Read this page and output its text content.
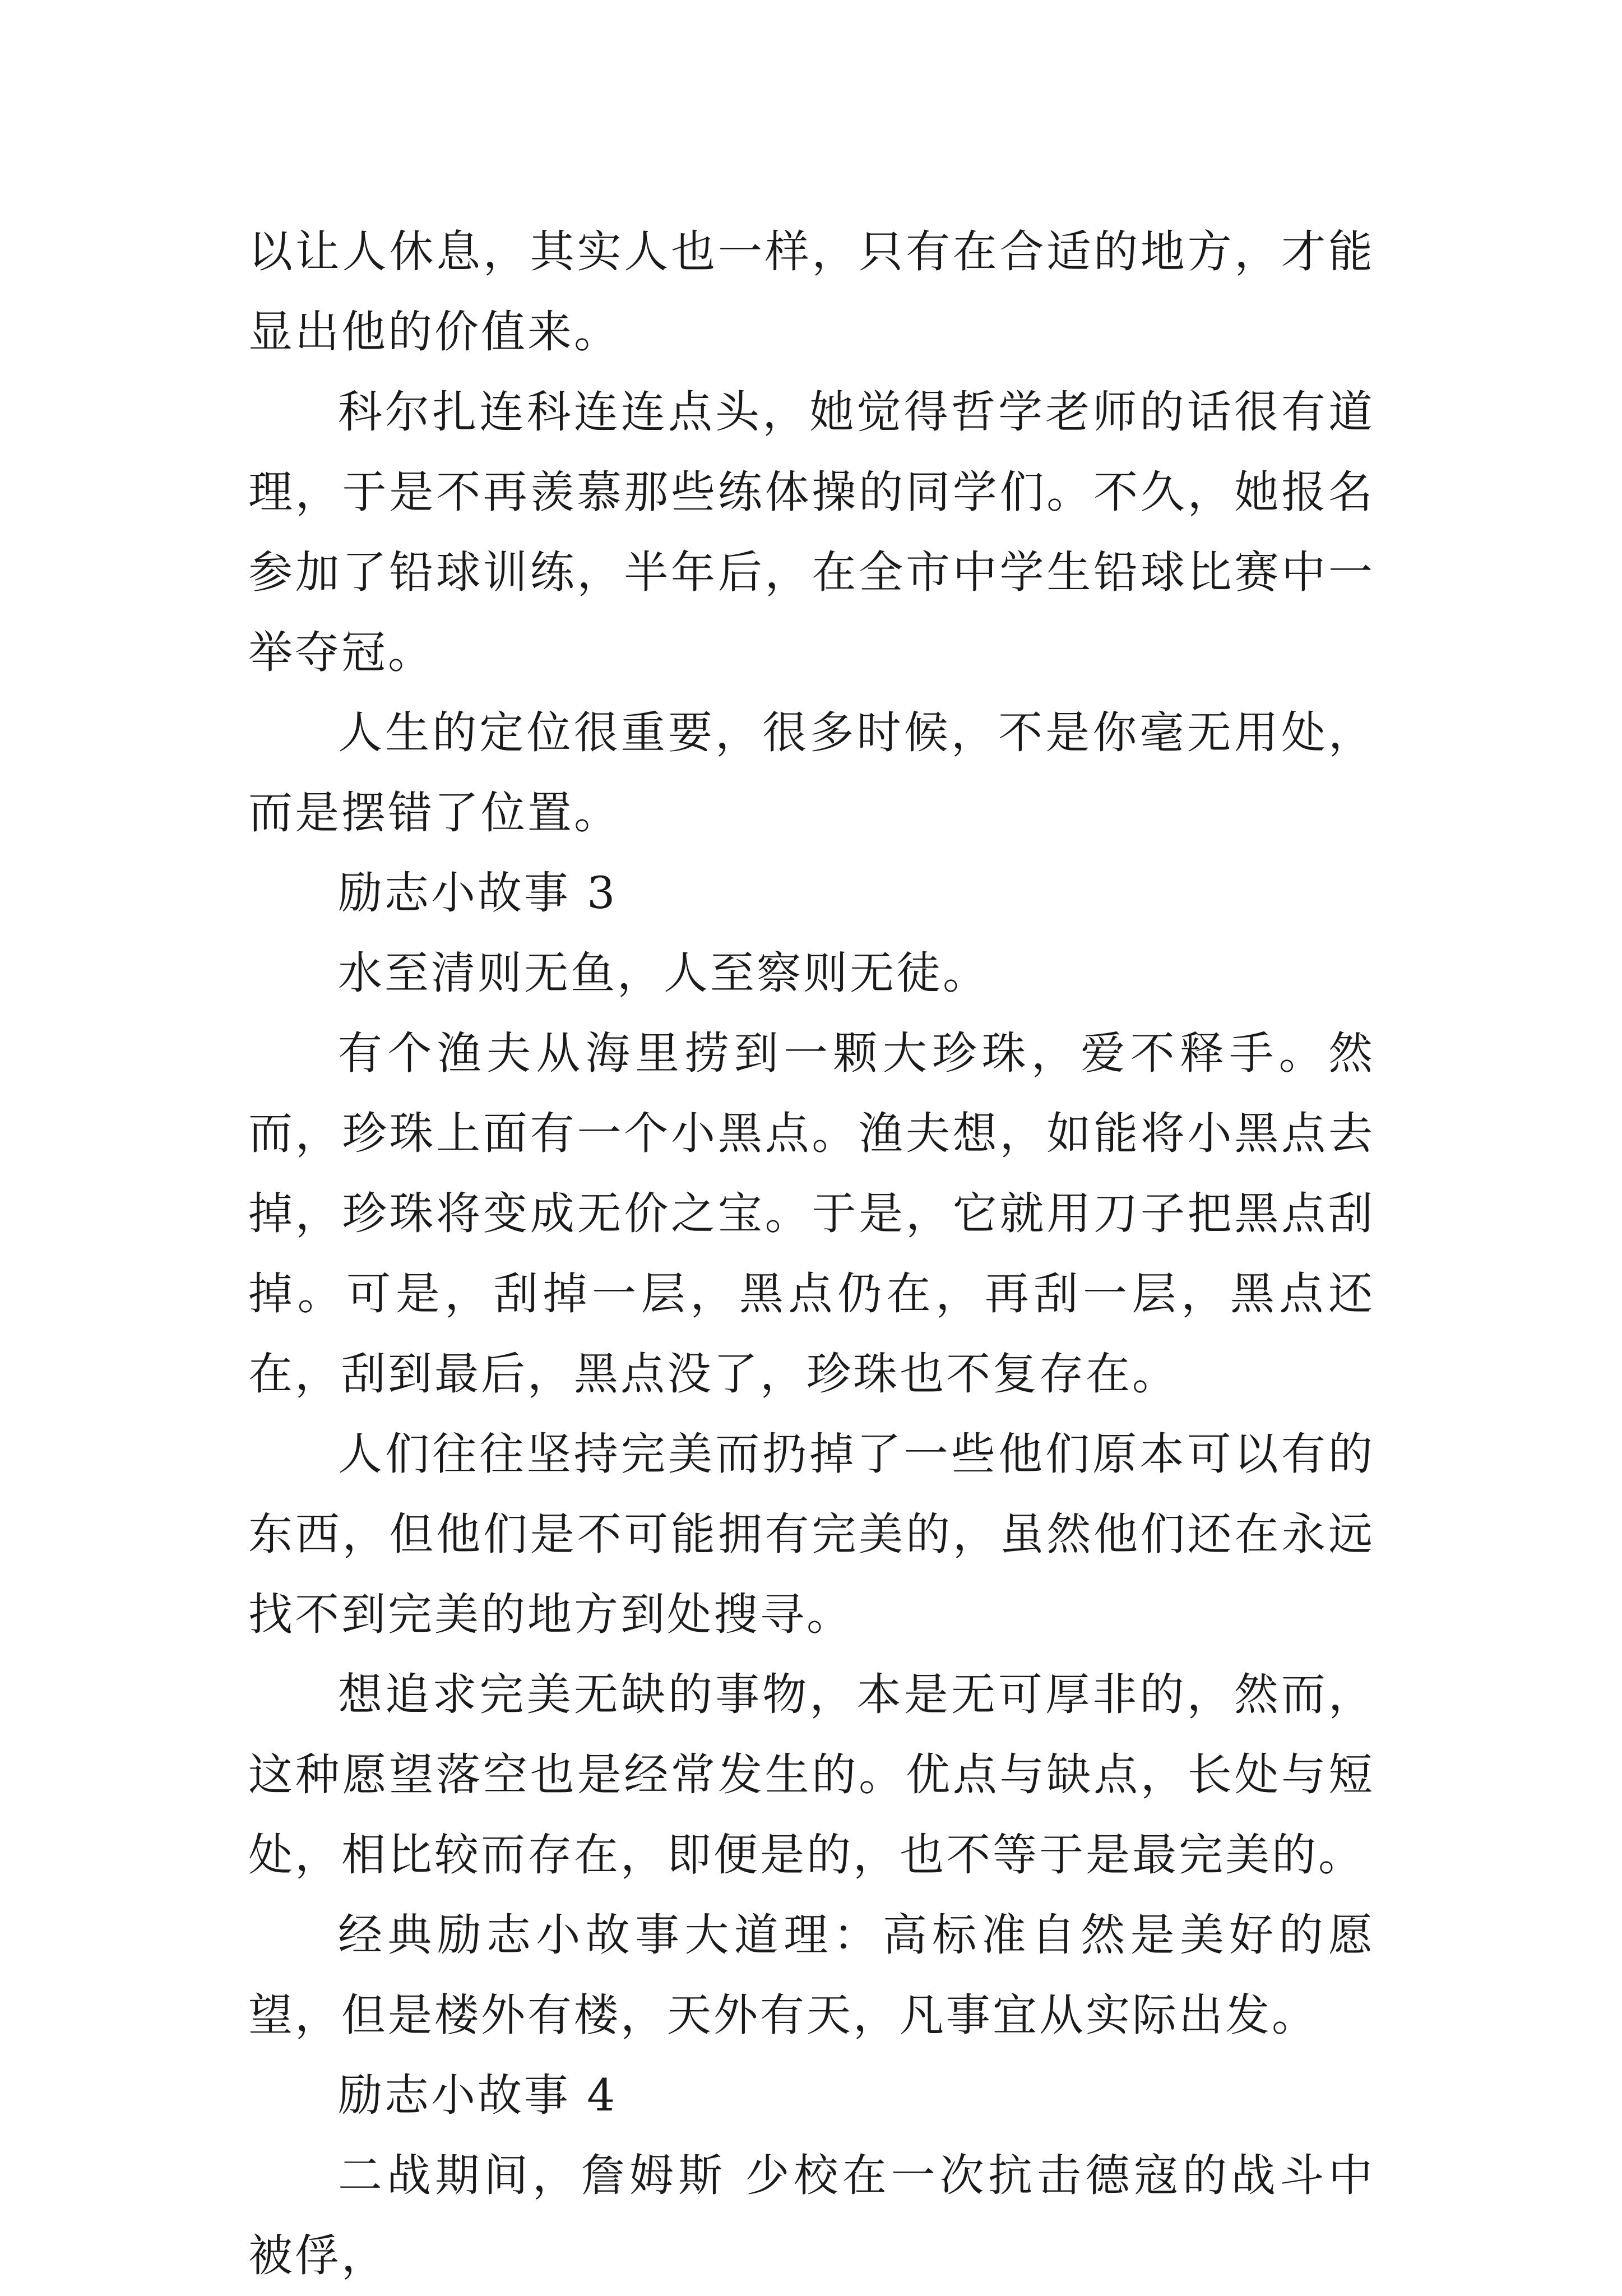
以让人休息，其实人也一样，只有在合适的地方，才能显出他的价值来。

科尔扎连科连连点头，她觉得哲学老师的话很有道理，于是不再羡慕那些练体操的同学们。不久，她报名参加了铅球训练，半年后，在全市中学生铅球比赛中一举夺冠。

人生的定位很重要，很多时候，不是你毫无用处，而是摆错了位置。

励志小故事 3

水至清则无鱼，人至察则无徒。

有个渔夫从海里捞到一颗大珍珠，爱不释手。然而，珍珠上面有一个小黑点。渔夫想，如能将小黑点去掉，珍珠将变成无价之宝。于是，它就用刀子把黑点刮掉。可是，刮掉一层，黑点仍在，再刮一层，黑点还在，刮到最后，黑点没了，珍珠也不复存在。

人们往往坚持完美而扔掉了一些他们原本可以有的东西，但他们是不可能拥有完美的，虽然他们还在永远找不到完美的地方到处搜寻。

想追求完美无缺的事物，本是无可厚非的，然而，这种愿望落空也是经常发生的。优点与缺点，长处与短处，相比较而存在，即便是的，也不等于是最完美的。

经典励志小故事大道理：高标准自然是美好的愿望，但是楼外有楼，天外有天，凡事宜从实际出发。

励志小故事 4

二战期间，詹姆斯 少校在一次抗击德寇的战斗中被俘，
